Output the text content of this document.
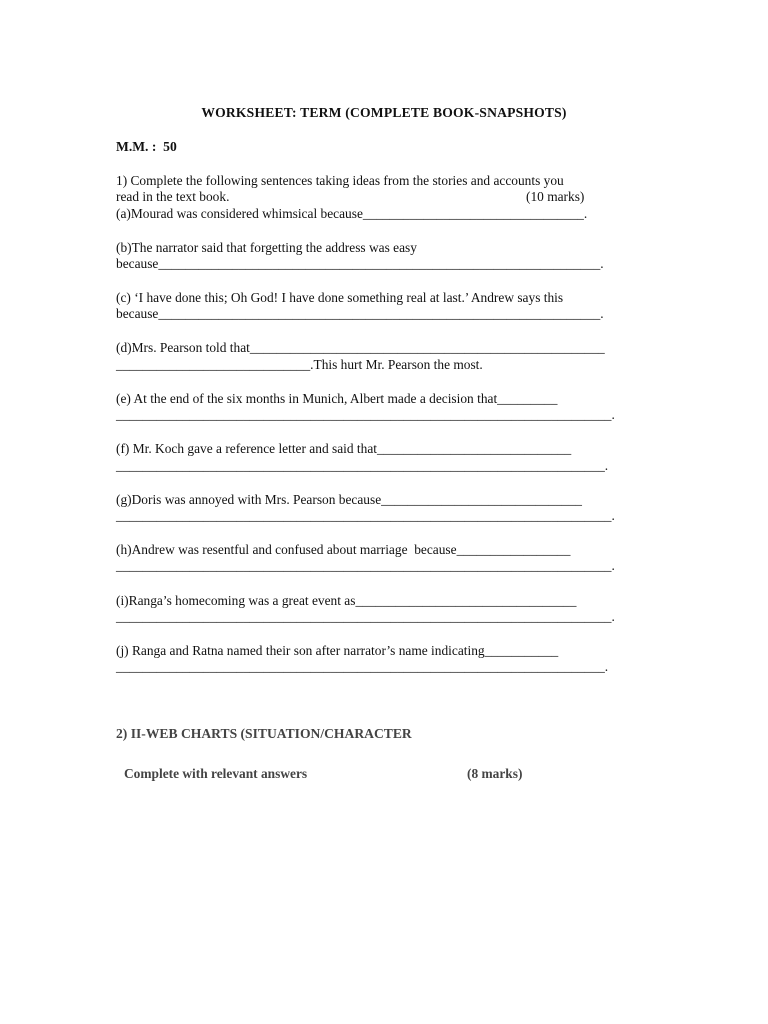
WORKSHEET: TERM (COMPLETE BOOK-SNAPSHOTS)
M.M. :  50
1) Complete the following sentences taking ideas from the stories and accounts you
read in the text book.	(10 marks)
(a)Mourad was considered whimsical because_________________________________.
(b)The narrator said that forgetting the address was easy
because__________________________________________________________________.
(c) ‘I have done this; Oh God! I have done something real at last.’ Andrew says this
because__________________________________________________________________.
(d)Mrs. Pearson told that_____________________________________________________
_____________________________.This hurt Mr. Pearson the most.
(e) At the end of the six months in Munich, Albert made a decision that_________
__________________________________________________________________________.
(f) Mr. Koch gave a reference letter and said that_____________________________
_________________________________________________________________________.
(g)Doris was annoyed with Mrs. Pearson because______________________________
__________________________________________________________________________.
(h)Andrew was resentful and confused about marriage  because_________________
__________________________________________________________________________.
(i)Ranga’s homecoming was a great event as_________________________________
__________________________________________________________________________.
(j) Ranga and Ratna named their son after narrator’s name indicating___________
_________________________________________________________________________.
2) II-WEB CHARTS (SITUATION/CHARACTER
Complete with relevant answers	(8 marks)
